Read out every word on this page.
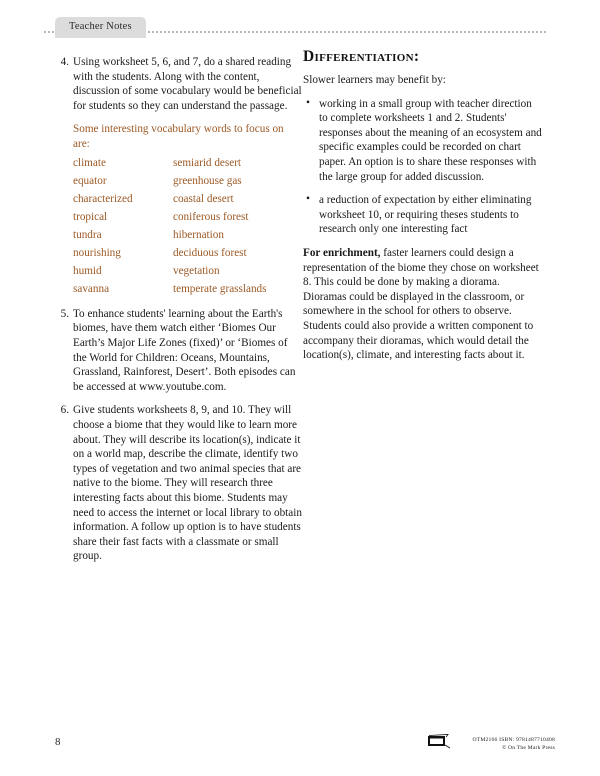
Teacher Notes
4. Using worksheet 5, 6, and 7, do a shared reading with the students. Along with the content, discussion of some vocabulary would be beneficial for students so they can understand the passage.
Some interesting vocabulary words to focus on are:
climate	semiarid desert
equator	greenhouse gas
characterized	coastal desert
tropical	coniferous forest
tundra	hibernation
nourishing	deciduous forest
humid	vegetation
savanna	temperate grasslands
5. To enhance students' learning about the Earth's biomes, have them watch either ‘Biomes Our Earth’s Major Life Zones (fixed)’ or ‘Biomes of the World for Children: Oceans, Mountains, Grassland, Rainforest, Desert’. Both episodes can be accessed at www.youtube.com.
6. Give students worksheets 8, 9, and 10. They will choose a biome that they would like to learn more about. They will describe its location(s), indicate it on a world map, describe the climate, identify two types of vegetation and two animal species that are native to the biome. They will research three interesting facts about this biome. Students may need to access the internet or local library to obtain information. A follow up option is to have students share their fast facts with a classmate or small group.
Differentiation:
Slower learners may benefit by:
• working in a small group with teacher direction to complete worksheets 1 and 2. Students' responses about the meaning of an ecosystem and specific examples could be recorded on chart paper. An option is to share these responses with the large group for added discussion.
• a reduction of expectation by either eliminating worksheet 10, or requiring theses students to research only one interesting fact
For enrichment, faster learners could design a representation of the biome they chose on worksheet 8. This could be done by making a diorama. Dioramas could be displayed in the classroom, or somewhere in the school for others to observe. Students could also provide a written component to accompany their dioramas, which would detail the location(s), climate, and interesting facts about it.
8	OTM2166 ISBN: 9781487710408
© On The Mark Press
